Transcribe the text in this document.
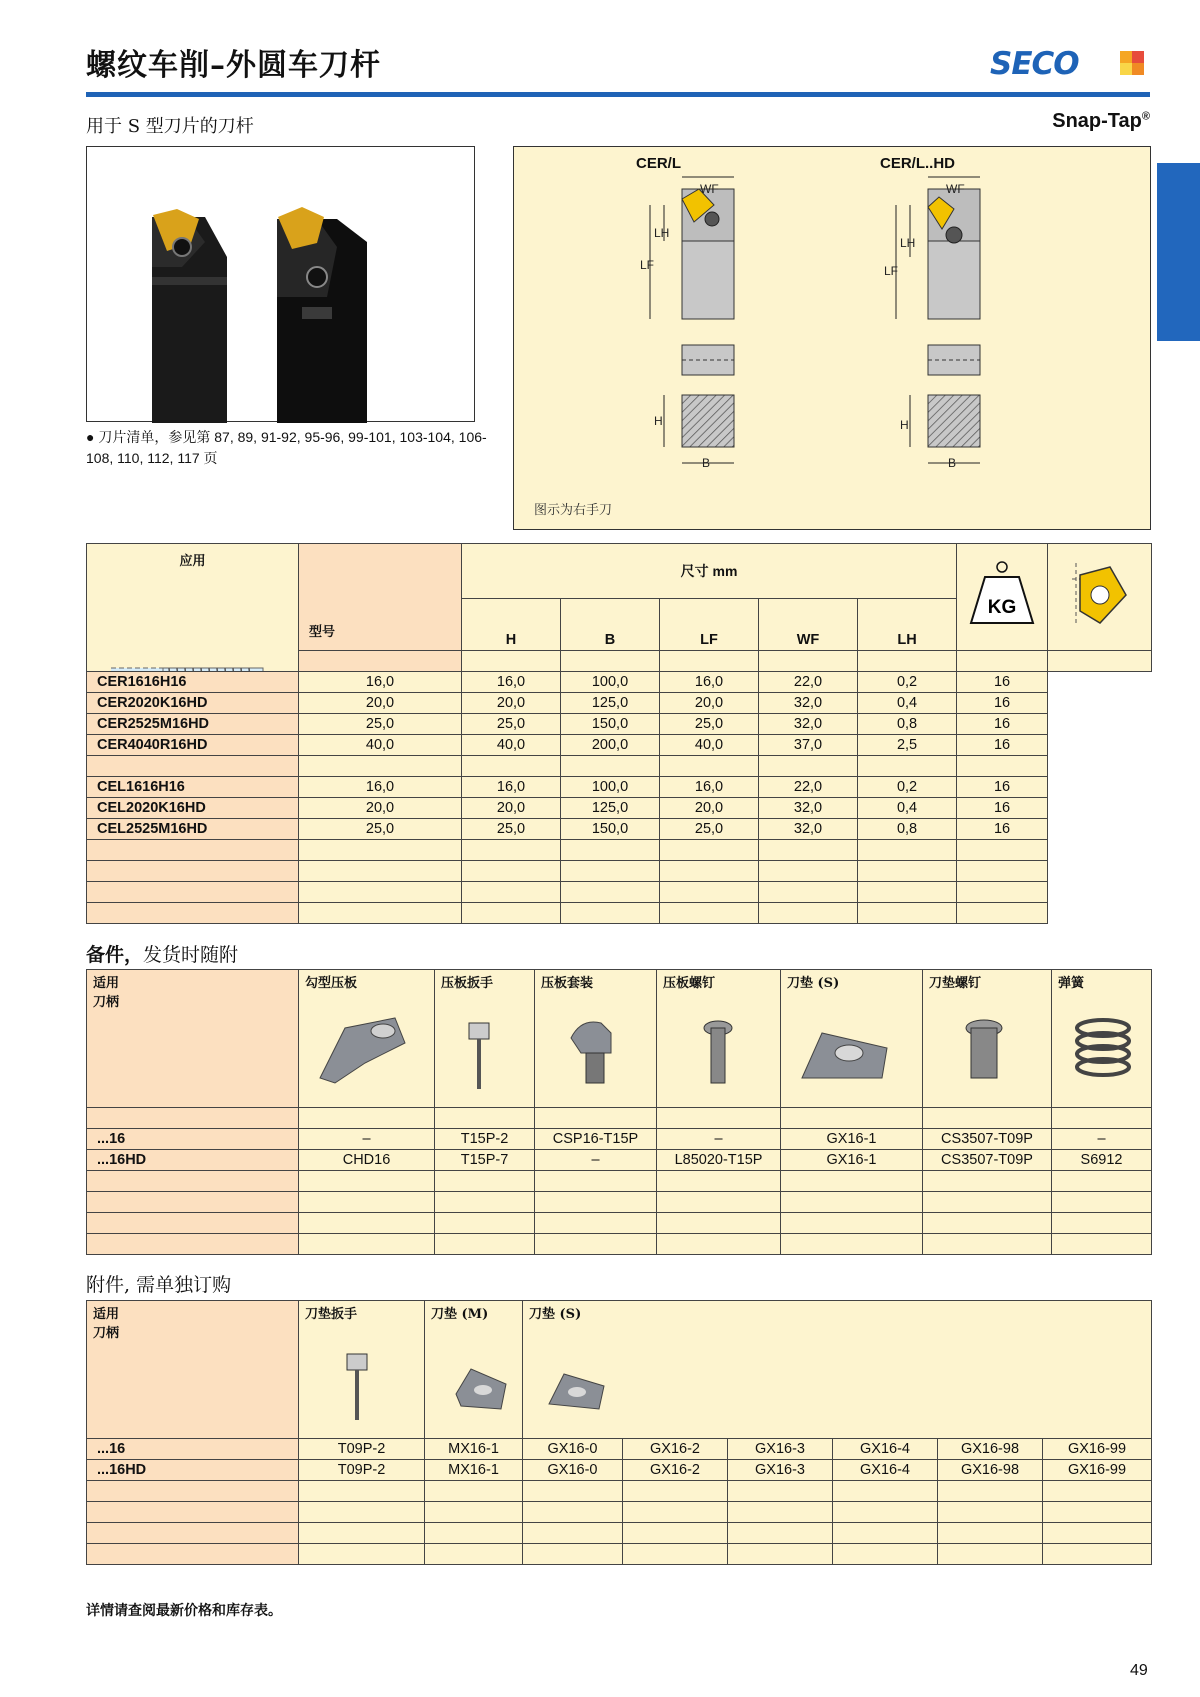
螺纹车削–外圆车刀杆	SECO
用于 S 型刀片的刀杆	Snap-Tap®
● 刀片清单，参见第 87, 89, 91-92, 95-96, 99-101, 103-104, 106-108, 110, 112, 117 页
CER/L	CER/L..HD
WF
LH
LF
H
B
WF
LH
LF
H
B
图示为右手刀
应用	型号	尺寸 mm					KG

		H	B	LF	WF	LH		

CER1616H16	16,0	16,0	100,0	16,0	22,0	0,2	16	
CER2020K16HD	20,0	20,0	125,0	20,0	32,0	0,4	16	
CER2525M16HD	25,0	25,0	150,0	25,0	32,0	0,8	16	
CER4040R16HD	40,0	40,0	200,0	40,0	37,0	2,5	16	

CEL1616H16	16,0	16,0	100,0	16,0	22,0	0,2	16	
CEL2020K16HD	20,0	20,0	125,0	20,0	32,0	0,4	16	
CEL2525M16HD	25,0	25,0	150,0	25,0	32,0	0,8	16	

备件，发货时随附
适用
刀柄	勾型压板	压板扳手	压板套装	压板螺钉	刀垫 (S)	刀垫螺钉	弹簧

...16	–	T15P-2	CSP16-T15P	–	GX16-1	CS3507-T09P	–
...16HD	CHD16	T15P-7	–	L85020-T15P	GX16-1	CS3507-T09P	S6912

附件, 需单独订购
适用
刀柄	刀垫扳手	刀垫 (M)	刀垫 (S)					

...16	T09P-2	MX16-1	GX16-0	GX16-2	GX16-3	GX16-4	GX16-98	GX16-99
...16HD	T09P-2	MX16-1	GX16-0	GX16-2	GX16-3	GX16-4	GX16-98	GX16-99

详情请查阅最新价格和库存表。
49
